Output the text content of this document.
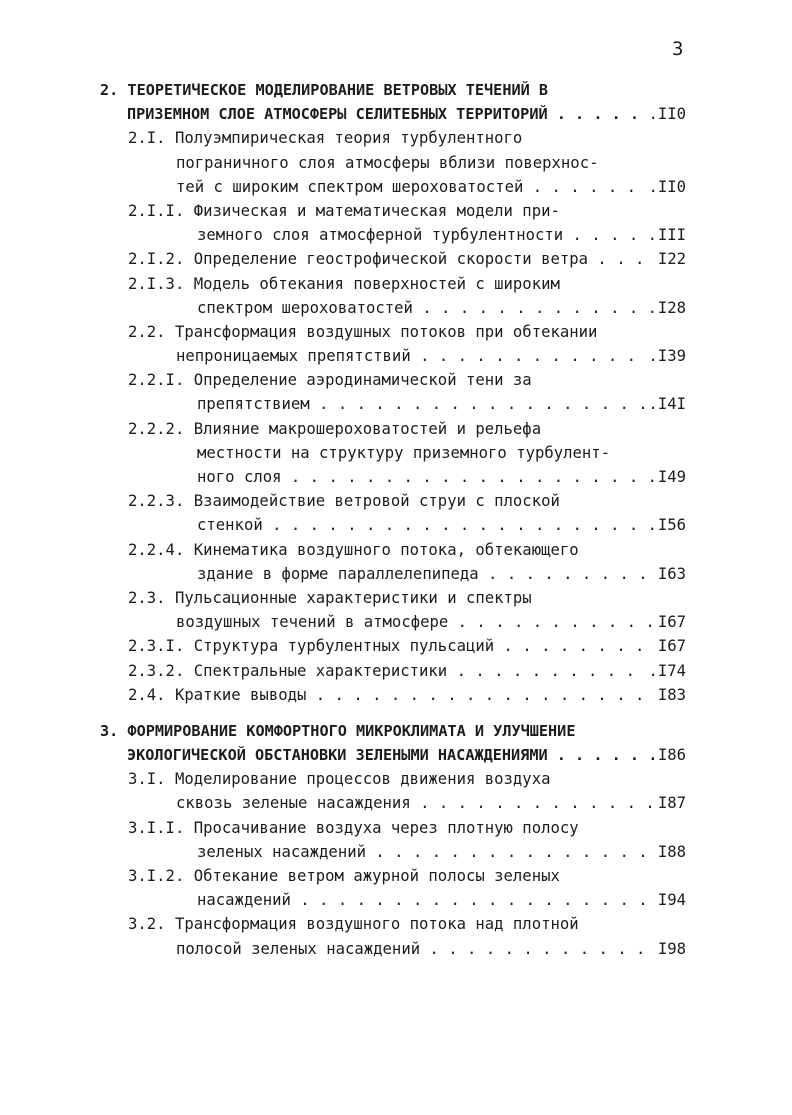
3
2. ТЕОРЕТИЧЕСКОЕ МОДЕЛИРОВАНИЕ ВЕТРОВЫХ ТЕЧЕНИЙ В
ПРИЗЕМНОМ СЛОЕ АТМОСФЕРЫ СЕЛИТЕБНЫХ ТЕРРИТОРИЙ . . .	.II0
2.I. Полуэмпирическая теория турбулентного
пограничного слоя атмосферы вблизи поверхнос-
тей с широким спектром шероховатостей . . .	.II0
2.I.I. Физическая и математическая модели при-
земного слоя атмосферной турбулентности . . .	III
2.I.2. Определение геострофической скорости ветра . . .	I22
2.I.3. Модель обтекания поверхностей с широким
спектром шероховатостей . . .	I28
2.2. Трансформация воздушных потоков при обтекании
непроницаемых препятствий . . .	.I39
2.2.I. Определение аэродинамической тени за
препятствием . . .	.I4I
2.2.2. Влияние макрошероховатостей и рельефа
местности на структуру приземного турбулент-
ного слоя . . .	I49
2.2.3. Взаимодействие ветровой струи с плоской
стенкой . . .	I56
2.2.4. Кинематика воздушного потока, обтекающего
здание в форме параллелепипеда . . .	I63
2.3. Пульсационные характеристики и спектры
воздушных течений в атмосфере . . .	I67
2.3.I. Структура турбулентных пульсаций . . .	I67
2.3.2. Спектральные характеристики . . .	.I74
2.4. Краткие выводы . . .	I83
3. ФОРМИРОВАНИЕ КОМФОРТНОГО МИКРОКЛИМАТА И УЛУЧШЕНИЕ
ЭКОЛОГИЧЕСКОЙ ОБСТАНОВКИ ЗЕЛЕНЫМИ НАСАЖДЕНИЯМИ . . .	I86
3.I. Моделирование процессов движения воздуха
сквозь зеленые насаждения . . .	I87
3.I.I. Просачивание воздуха через плотную полосу
зеленых насаждений . . .	I88
3.I.2. Обтекание ветром ажурной полосы зеленых
насаждений . . .	I94
3.2. Трансформация воздушного потока над плотной
полосой зеленых насаждений . . .	I98
